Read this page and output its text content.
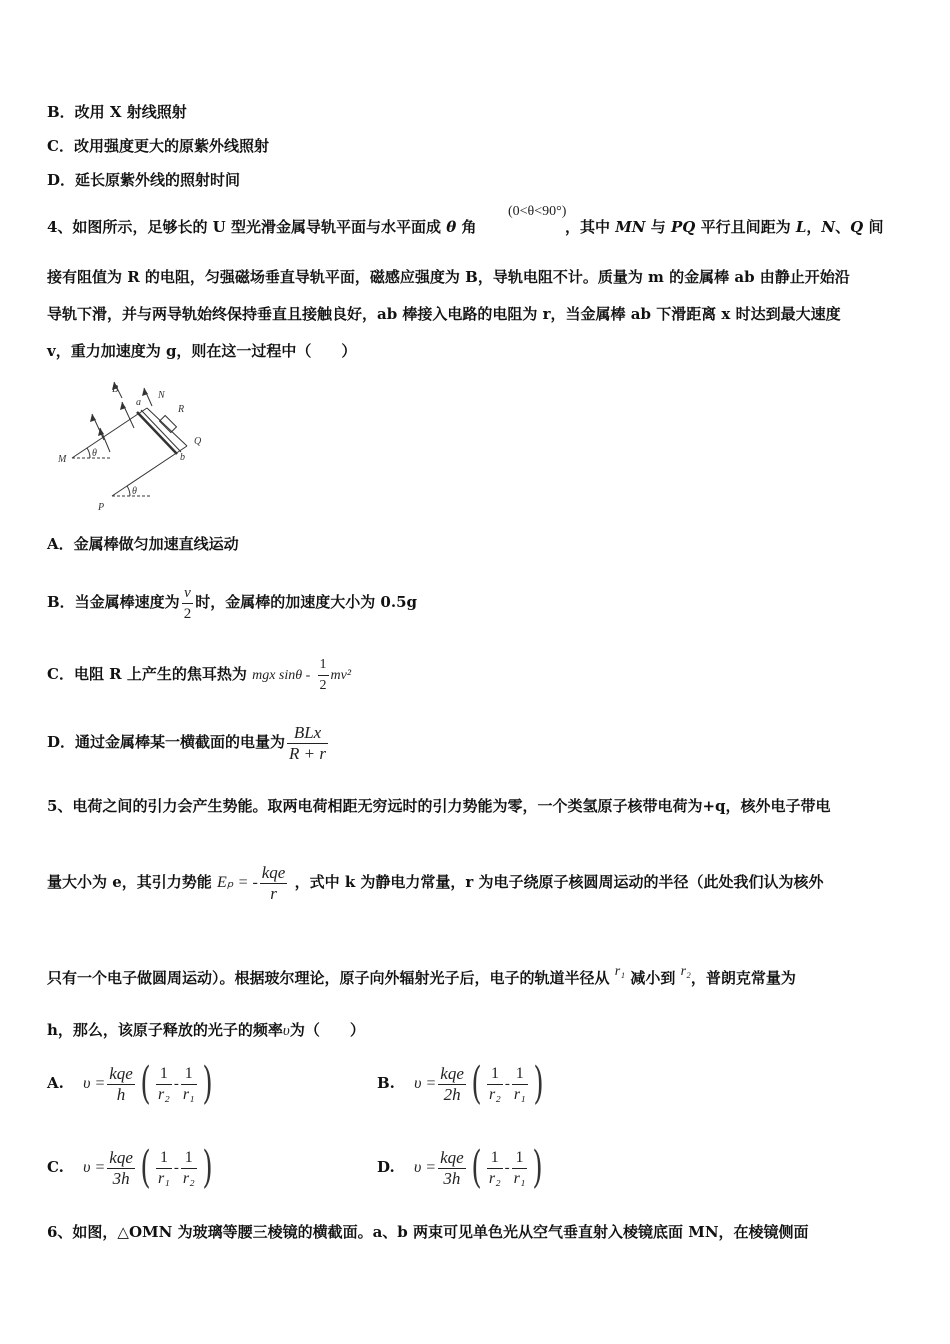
B．改用 X 射线照射
C．改用强度更大的原紫外线照射
D．延长原紫外线的照射时间
4、如图所示，足够长的 U 型光滑金属导轨平面与水平面成 θ 角	，其中 MN 与 PQ 平行且间距为 L，N、Q 间
(0<θ<90°)
接有阻值为 R 的电阻，匀强磁场垂直导轨平面，磁感应强度为 B，导轨电阻不计。质量为 m 的金属棒 ab 由静止开始沿
导轨下滑，并与两导轨始终保持垂直且接触良好，ab 棒接入电路的电阻为 r，当金属棒 ab 下滑距离 x 时达到最大速度
v，重力加速度为 g，则在这一过程中（　　）
B
a
N
R
Q
M	b
P
θ
θ
A．金属棒做匀加速直线运动
B．当金属棒速度为 $\frac{v}{2}$ 时，金属棒的加速度大小为 0.5g
C．电阻 R 上产生的焦耳热为 mgx sinθ - $\frac{1}{2} mv^2$
D．通过金属棒某一横截面的电量为 $\frac{\text{BLx}}{R + r}$
5、电荷之间的引力会产生势能。取两电荷相距无穷远时的引力势能为零，一个类氢原子核带电荷为+q，核外电子带电
量大小为 e，其引力势能 Eₚ = - $\frac{\text{kqe}}{r}$ ，式中 k 为静电力常量，r 为电子绕原子核圆周运动的半径（此处我们认为核外
只有一个电子做圆周运动）。根据玻尔理论，原子向外辐射光子后，电子的轨道半径从 r₁ 减小到 r₂，普朗克常量为
h，那么，该原子释放的光子的频率υ为（　　）
A. $\upsilon = \frac{\text{kqe}}{h}$ ( $\frac{1}{\text{r₂}} - \frac{1}{\text{r₁}}$ )	B. $\upsilon = \frac{\text{kqe}}{2h}$ ( $\frac{1}{\text{r₂}} - \frac{1}{\text{r₁}}$ )
C. $\upsilon = \frac{\text{kqe}}{3h}$ ( $\frac{1}{\text{r₁}} - \frac{1}{\text{r₂}}$ )	D. $\upsilon = \frac{\text{kqe}}{3h}$ ( $\frac{1}{\text{r₂}} - \frac{1}{\text{r₁}}$ )
6、如图，△OMN 为玻璃等腰三棱镜的横截面。a、b 两束可见单色光从空气垂直射入棱镜底面 MN，在棱镜侧面
